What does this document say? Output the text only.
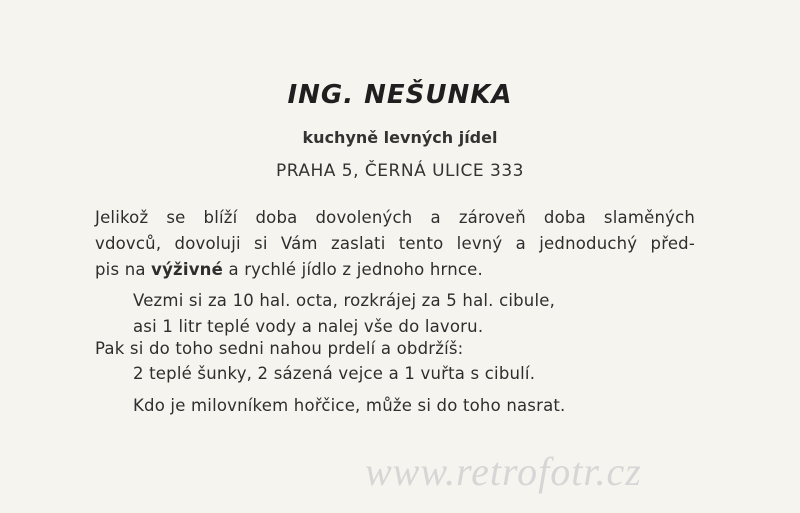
ING. NEŠUNKA
kuchyně levných jídel
PRAHA 5, ČERNÁ ULICE 333
Jelikož se blíží doba dovolených a zároveň doba slaměných
vdovců, dovoluji si Vám zaslati tento levný a jednoduchý před-
pis na výživné a rychlé jídlo z jednoho hrnce.
Vezmi si za 10 hal. octa, rozkrájej za 5 hal. cibule,
asi 1 litr teplé vody a nalej vše do lavoru.
Pak si do toho sedni nahou prdelí a obdržíš:
2 teplé šunky, 2 sázená vejce a 1 vuřta s cibulí.
Kdo je milovníkem hořčice, může si do toho nasrat.
www.retrofotr.cz
